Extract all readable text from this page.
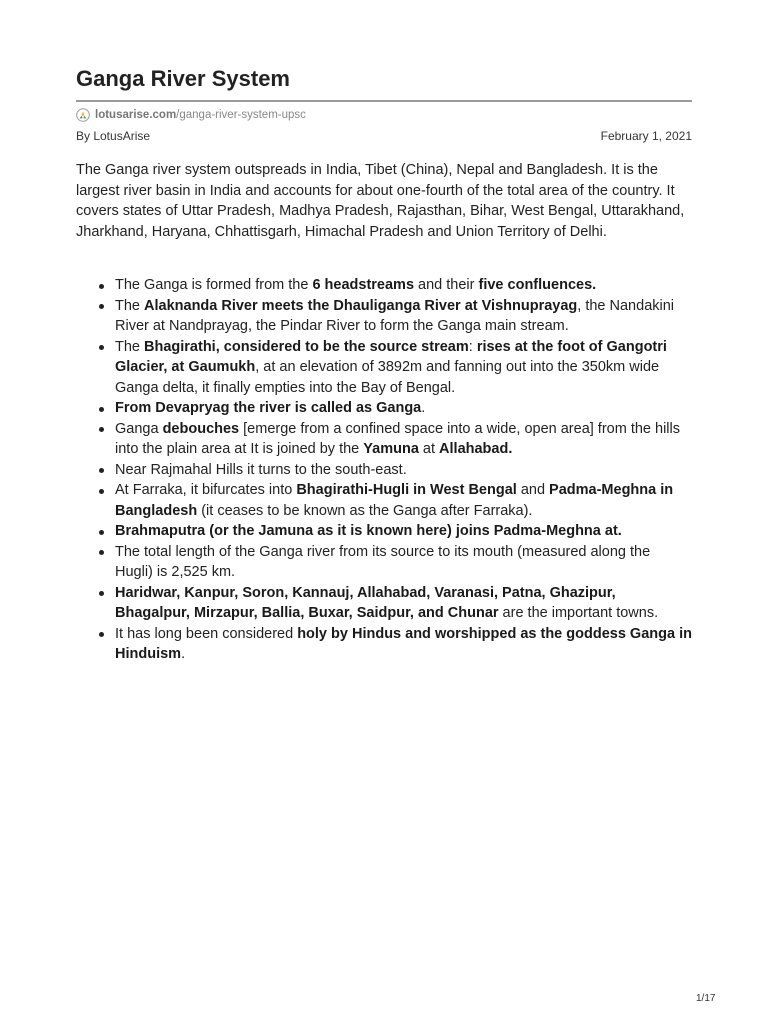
Ganga River System
lotusarise.com /ganga-river-system-upsc
By LotusArise	February 1, 2021

The Ganga river system outspreads in India, Tibet (China), Nepal and Bangladesh. It is the largest river basin in India and accounts for about one-fourth of the total area of the country. It covers states of Uttar Pradesh, Madhya Pradesh, Rajasthan, Bihar, West Bengal, Uttarakhand, Jharkhand, Haryana, Chhattisgarh, Himachal Pradesh and Union Territory of Delhi.

The Ganga is formed from the 6 headstreams and their five confluences.
The Alaknanda River meets the Dhauliganga River at Vishnuprayag, the Nandakini River at Nandprayag, the Pindar River to form the Ganga main stream.
The Bhagirathi, considered to be the source stream: rises at the foot of Gangotri Glacier, at Gaumukh, at an elevation of 3892m and fanning out into the 350km wide Ganga delta, it finally empties into the Bay of Bengal.
From Devapryag the river is called as Ganga.
Ganga debouches [emerge from a confined space into a wide, open area] from the hills into the plain area at It is joined by the Yamuna at Allahabad.
Near Rajmahal Hills it turns to the south-east.
At Farraka, it bifurcates into Bhagirathi-Hugli in West Bengal and Padma-Meghna in Bangladesh (it ceases to be known as the Ganga after Farraka).
Brahmaputra (or the Jamuna as it is known here) joins Padma-Meghna at.
The total length of the Ganga river from its source to its mouth (measured along the Hugli) is 2,525 km.
Haridwar, Kanpur, Soron, Kannauj, Allahabad, Varanasi, Patna, Ghazipur, Bhagalpur, Mirzapur, Ballia, Buxar, Saidpur, and Chunar are the important towns.
It has long been considered holy by Hindus and worshipped as the goddess Ganga in Hinduism.
1/17
